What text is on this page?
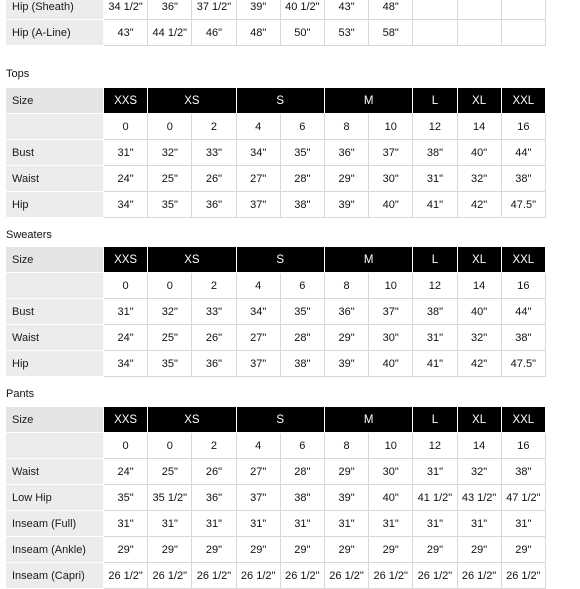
Hip (Sheath)	34 1/2"	36"	37 1/2"	39"	40 1/2"	43"	48"			
Hip (A-Line)	43"	44 1/2"	46"	48"	50"	53"	58"			
Tops
Size	XXS	XS		S		M		L	XL	XXL
	0	0	2	4	6	8	10	12	14	16
Bust	31"	32"	33"	34"	35"	36"	37"	38"	40"	44"
Waist	24"	25"	26"	27"	28"	29"	30"	31"	32"	38"
Hip	34"	35"	36"	37"	38"	39"	40"	41"	42"	47.5"
Sweaters
Size	XXS	XS		S		M		L	XL	XXL
	0	0	2	4	6	8	10	12	14	16
Bust	31"	32"	33"	34"	35"	36"	37"	38"	40"	44"
Waist	24"	25"	26"	27"	28"	29"	30"	31"	32"	38"
Hip	34"	35"	36"	37"	38"	39"	40"	41"	42"	47.5"
Pants
Size	XXS	XS		S		M		L	XL	XXL
	0	0	2	4	6	8	10	12	14	16
Waist	24"	25"	26"	27"	28"	29"	30"	31"	32"	38"
Low Hip	35"	35 1/2"	36"	37"	38"	39"	40"	41 1/2"	43 1/2"	47 1/2"
Inseam (Full)	31"	31"	31"	31"	31"	31"	31"	31"	31"	31"
Inseam (Ankle)	29"	29"	29"	29"	29"	29"	29"	29"	29"	29"
Inseam (Capri)	26 1/2"	26 1/2"	26 1/2"	26 1/2"	26 1/2"	26 1/2"	26 1/2"	26 1/2"	26 1/2"	26 1/2"
